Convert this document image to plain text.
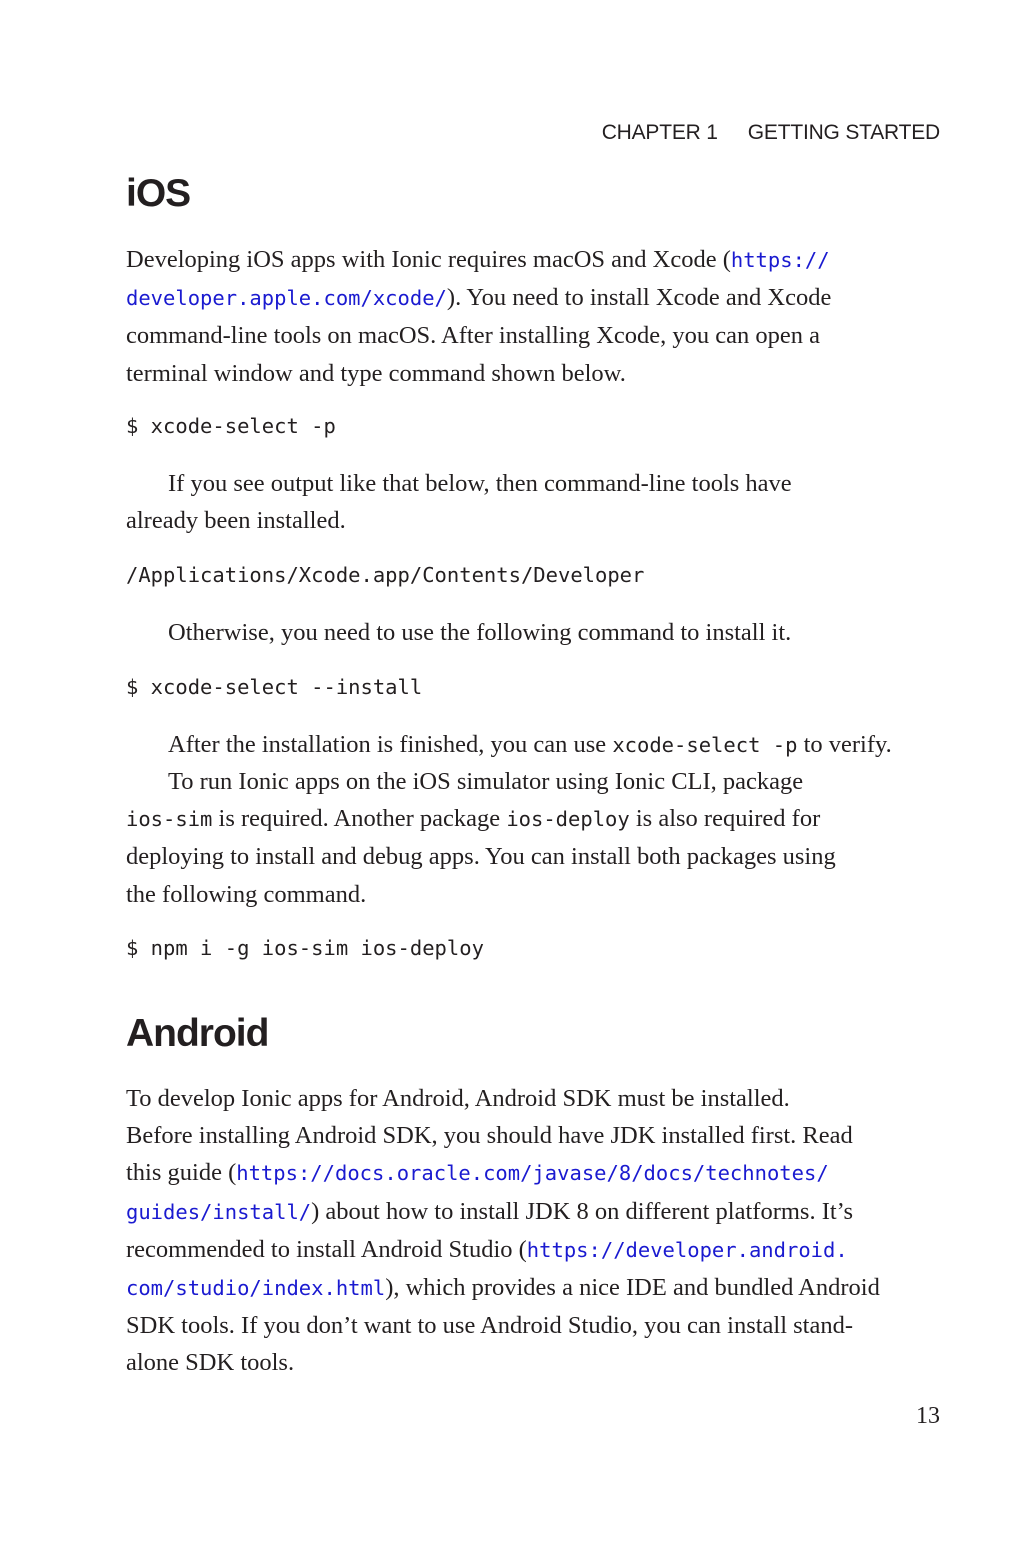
CHAPTER 1 GETTING STARTED
iOS
Developing iOS apps with Ionic requires macOS and Xcode (https://
developer.apple.com/xcode/). You need to install Xcode and Xcode
command-line tools on macOS. After installing Xcode, you can open a
terminal window and type command shown below.
$ xcode-select -p
If you see output like that below, then command-line tools have
already been installed.
/Applications/Xcode.app/Contents/Developer
Otherwise, you need to use the following command to install it.
$ xcode-select --install
After the installation is finished, you can use xcode-select -p to verify.
To run Ionic apps on the iOS simulator using Ionic CLI, package
ios-sim is required. Another package ios-deploy is also required for
deploying to install and debug apps. You can install both packages using
the following command.
$ npm i -g ios-sim ios-deploy
Android
To develop Ionic apps for Android, Android SDK must be installed.
Before installing Android SDK, you should have JDK installed first. Read
this guide (https://docs.oracle.com/javase/8/docs/technotes/
guides/install/) about how to install JDK 8 on different platforms. It’s
recommended to install Android Studio (https://developer.android.
com/studio/index.html), which provides a nice IDE and bundled Android
SDK tools. If you don’t want to use Android Studio, you can install stand-
alone SDK tools.
13
